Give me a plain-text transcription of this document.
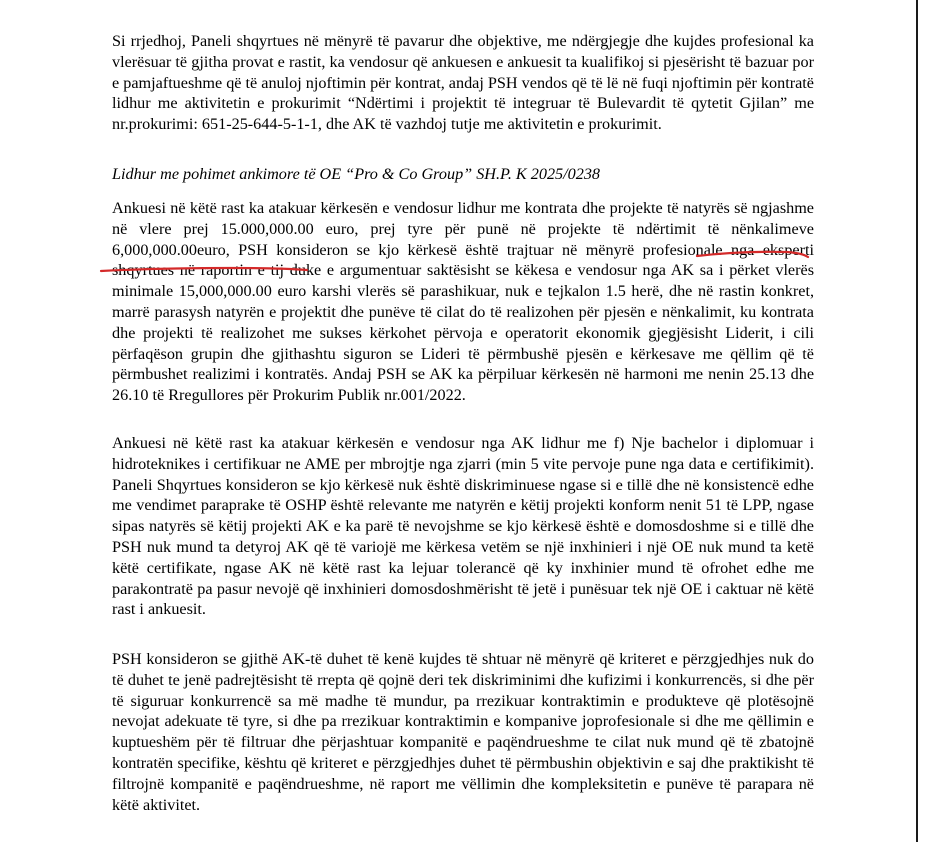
Si rrjedhoj, Paneli shqyrtues në mënyrë të pavarur dhe objektive, me ndërgjegje dhe kujdes profesional ka vlerësuar të gjitha provat e rastit, ka vendosur që ankuesen e ankuesit ta kualifikoj si pjesërisht të bazuar por e pamjaftueshme që të anuloj njoftimin për kontrat, andaj PSH vendos që të lë në fuqi njoftimin për kontratë lidhur me aktivitetin e prokurimit “Ndërtimi i projektit të integruar të Bulevardit të qytetit Gjilan” me nr.prokurimi: 651-25-644-5-1-1, dhe AK të vazhdoj tutje me aktivitetin e prokurimit.

Lidhur me pohimet ankimore të OE “Pro & Co Group” SH.P. K 2025/0238

Ankuesi në këtë rast ka atakuar kërkesën e vendosur lidhur me kontrata dhe projekte të natyrës së ngjashme në vlere prej 15.000,000.00 euro, prej tyre për punë në projekte të ndërtimit të nënkalimeve 6,000,000.00euro, PSH konsideron se kjo kërkesë është trajtuar në mënyrë profesionale nga eksperti shqyrtues në raportin e tij duke e argumentuar saktësisht se këkesa e vendosur nga AK sa i përket vlerës minimale 15,000,000.00 euro karshi vlerës së parashikuar, nuk e tejkalon 1.5 herë, dhe në rastin konkret, marrë parasysh natyrën e projektit dhe punëve të cilat do të realizohen për pjesën e nënkalimit, ku kontrata dhe projekti të realizohet me sukses kërkohet përvoja e operatorit ekonomik gjegjësisht Liderit, i cili përfaqëson grupin dhe gjithashtu siguron se Lideri të përmbushë pjesën e kërkesave me qëllim që të përmbushet realizimi i kontratës. Andaj PSH se AK ka përpiluar kërkesën në harmoni me nenin 25.13 dhe 26.10 të Rregullores për Prokurim Publik nr.001/2022.

Ankuesi në këtë rast ka atakuar kërkesën e vendosur nga AK lidhur me f) Nje bachelor i diplomuar i hidroteknikes i certifikuar ne AME per mbrojtje nga zjarri (min 5 vite pervoje pune nga data e certifikimit). Paneli Shqyrtues konsideron se kjo kërkesë nuk është diskriminuese ngase si e tillë dhe në konsistencë edhe me vendimet paraprake të OSHP është relevante me natyrën e këtij projekti konform nenit 51 të LPP, ngase sipas natyrës së këtij projekti AK e ka parë të nevojshme se kjo kërkesë është e domosdoshme si e tillë dhe PSH nuk mund ta detyroj AK që të variojë me kërkesa vetëm se një inxhinieri i një OE nuk mund ta ketë këtë certifikate, ngase AK në këtë rast ka lejuar tolerancë që ky inxhinier mund të ofrohet edhe me parakontratë pa pasur nevojë që inxhinieri domosdoshmërisht të jetë i punësuar tek një OE i caktuar në këtë rast i ankuesit.

PSH konsideron se gjithë AK-të duhet të kenë kujdes të shtuar në mënyrë që kriteret e përzgjedhjes nuk do të duhet te jenë padrejtësisht të rrepta që qojnë deri tek diskriminimi dhe kufizimi i konkurrencës, si dhe për të siguruar konkurrencë sa më madhe të mundur, pa rrezikuar kontraktimin e produkteve që plotësojnë nevojat adekuate të tyre, si dhe pa rrezikuar kontraktimin e kompanive joprofesionale si dhe me qëllimin e kuptueshëm për të filtruar dhe përjashtuar kompanitë e paqëndrueshme te cilat nuk mund që të zbatojnë kontratën specifike, kështu që kriteret e përzgjedhjes duhet të përmbushin objektivin e saj dhe praktikisht të filtrojnë kompanitë e paqëndrueshme, në raport me vëllimin dhe kompleksitetin e punëve të parapara në këtë aktivitet.
